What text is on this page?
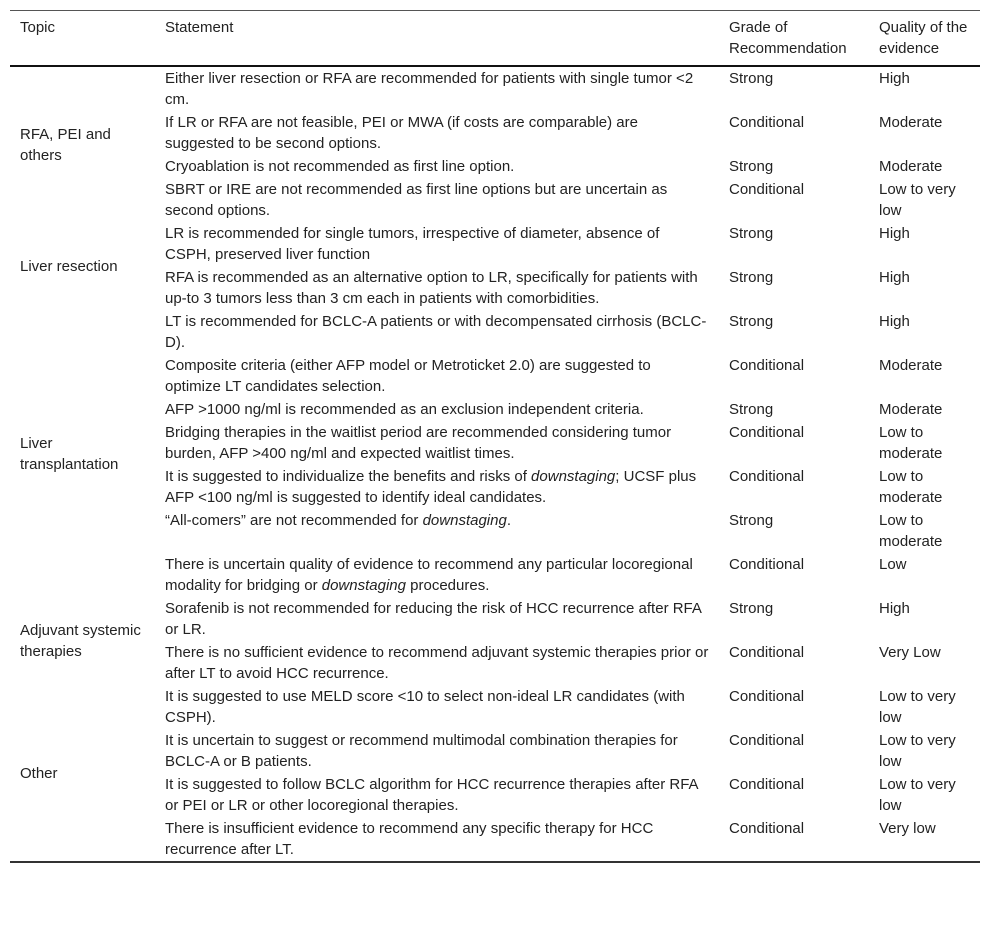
Topic	Statement	Grade of Recommendation	Quality of the evidence
RFA, PEI and others	Either liver resection or RFA are recommended for patients with single tumor <2 cm.	Strong	High
	If LR or RFA are not feasible, PEI or MWA (if costs are comparable) are suggested to be second options.	Conditional	Moderate
	Cryoablation is not recommended as first line option.	Strong	Moderate
	SBRT or IRE are not recommended as first line options but are uncertain as second options.	Conditional	Low to very low
Liver resection	LR is recommended for single tumors, irrespective of diameter, absence of CSPH, preserved liver function	Strong	High
	RFA is recommended as an alternative option to LR, specifically for patients with up-to 3 tumors less than 3 cm each in patients with comorbidities.	Strong	High
Liver transplantation	LT is recommended for BCLC-A patients or with decompensated cirrhosis (BCLC-D).	Strong	High
	Composite criteria (either AFP model or Metroticket 2.0) are suggested to optimize LT candidates selection.	Conditional	Moderate
	AFP >1000 ng/ml is recommended as an exclusion independent criteria.	Strong	Moderate
	Bridging therapies in the waitlist period are recommended considering tumor burden, AFP >400 ng/ml and expected waitlist times.	Conditional	Low to moderate
	It is suggested to individualize the benefits and risks of downstaging; UCSF plus AFP <100 ng/ml is suggested to identify ideal candidates.	Conditional	Low to moderate
	“All-comers” are not recommended for downstaging.	Strong	Low to moderate
	There is uncertain quality of evidence to recommend any particular locoregional modality for bridging or downstaging procedures.	Conditional	Low
Adjuvant systemic therapies	Sorafenib is not recommended for reducing the risk of HCC recurrence after RFA or LR.	Strong	High
	There is no sufficient evidence to recommend adjuvant systemic therapies prior or after LT to avoid HCC recurrence.	Conditional	Very Low
Other	It is suggested to use MELD score <10 to select non-ideal LR candidates (with CSPH).	Conditional	Low to very low
	It is uncertain to suggest or recommend multimodal combination therapies for BCLC-A or B patients.	Conditional	Low to very low
	It is suggested to follow BCLC algorithm for HCC recurrence therapies after RFA or PEI or LR or other locoregional therapies.	Conditional	Low to very low
	There is insufficient evidence to recommend any specific therapy for HCC recurrence after LT.	Conditional	Very low
